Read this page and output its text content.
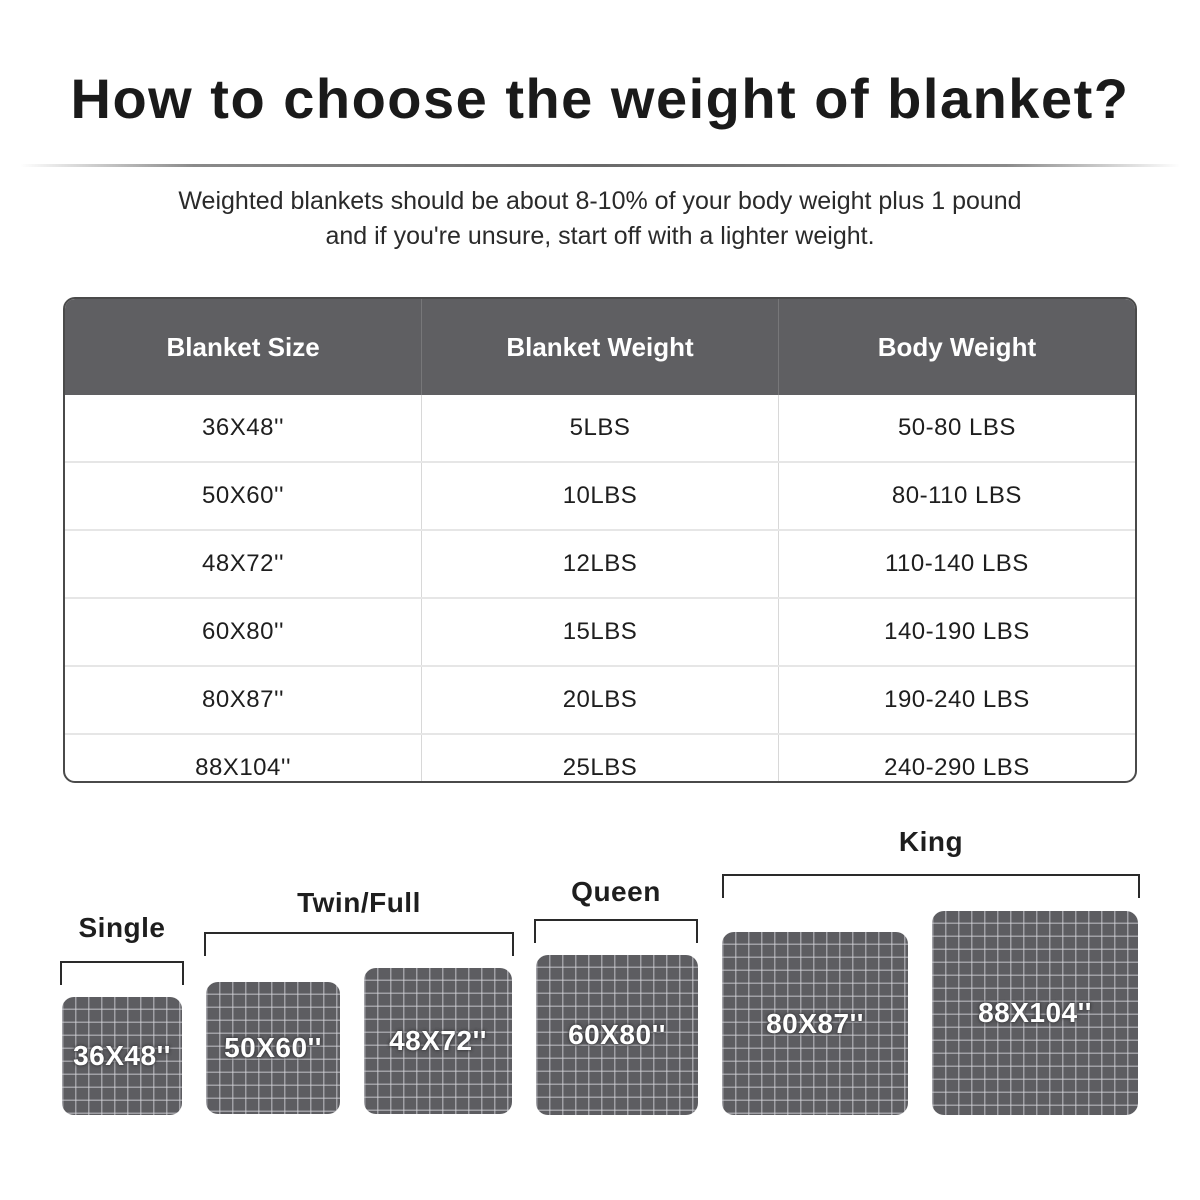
How to choose the weight of blanket?
Weighted blankets should be about 8-10% of your body weight plus 1 pound
and if you're unsure, start off with a lighter weight.
Blanket Size	Blanket Weight	Body Weight
36X48''	5LBS	50-80 LBS
50X60''	10LBS	80-110 LBS
48X72''	12LBS	110-140 LBS
60X80''	15LBS	140-190 LBS
80X87''	20LBS	190-240 LBS
88X104''	25LBS	240-290 LBS
Single
Twin/Full	Queen
King
36X48'' 50X60'' 48X72''	60X80''	80X87''	88X104''
